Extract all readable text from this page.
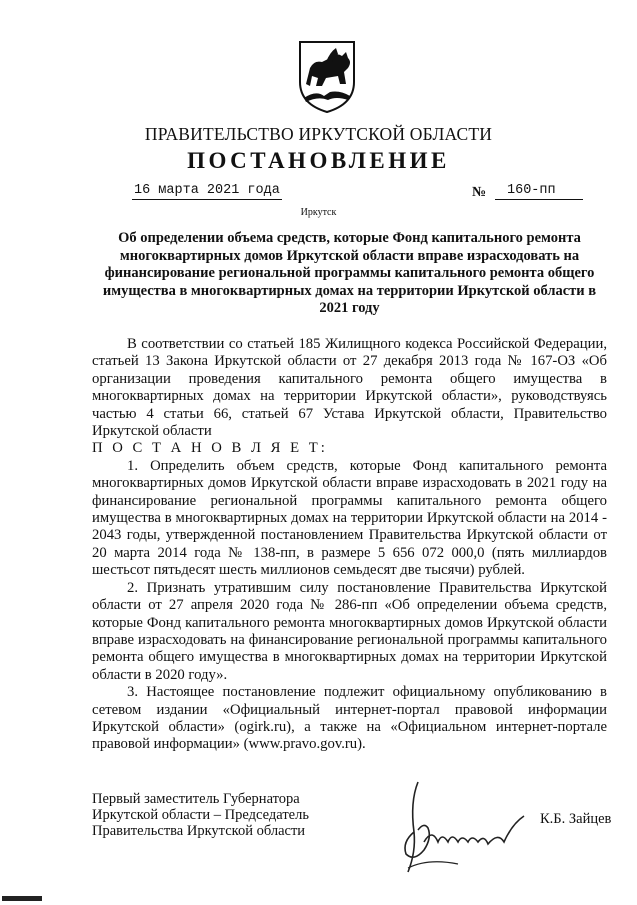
ПРАВИТЕЛЬСТВО ИРКУТСКОЙ ОБЛАСТИ
ПОСТАНОВЛЕНИЕ
16 марта 2021 года	№	160-пп
Иркутск
Об определении объема средств, которые Фонд капитального ремонта многоквартирных домов Иркутской области вправе израсходовать на финансирование региональной программы капитального ремонта общего имущества в многоквартирных домах на территории Иркутской области в 2021 году

В соответствии со статьей 185 Жилищного кодекса Российской Федерации, статьей 13 Закона Иркутской области от 27 декабря 2013 года № 167-ОЗ «Об организации проведения капитального ремонта общего имущества в многоквартирных домах на территории Иркутской области», руководствуясь частью 4 статьи 66, статьей 67 Устава Иркутской области, Правительство Иркутской области

П О С Т А Н О В Л Я Е Т:

1. Определить объем средств, которые Фонд капитального ремонта многоквартирных домов Иркутской области вправе израсходовать в 2021 году на финансирование региональной программы капитального ремонта общего имущества в многоквартирных домах на территории Иркутской области на 2014 - 2043 годы, утвержденной постановлением Правительства Иркутской области от 20 марта 2014 года № 138-пп, в размере 5 656 072 000,0 (пять миллиардов шестьсот пятьдесят шесть миллионов семьдесят две тысячи) рублей.

2. Признать утратившим силу постановление Правительства Иркутской области от 27 апреля 2020 года № 286-пп «Об определении объема средств, которые Фонд капитального ремонта многоквартирных домов Иркутской области вправе израсходовать на финансирование региональной программы капитального ремонта общего имущества в многоквартирных домах на территории Иркутской области в 2020 году».

3. Настоящее постановление подлежит официальному опубликованию в сетевом издании «Официальный интернет-портал правовой информации Иркутской области» (ogirk.ru), а также на «Официальном интернет-портале правовой информации» (www.pravo.gov.ru).

Первый заместитель Губернатора
Иркутской области – Председатель
Правительства Иркутской области
К.Б. Зайцев
